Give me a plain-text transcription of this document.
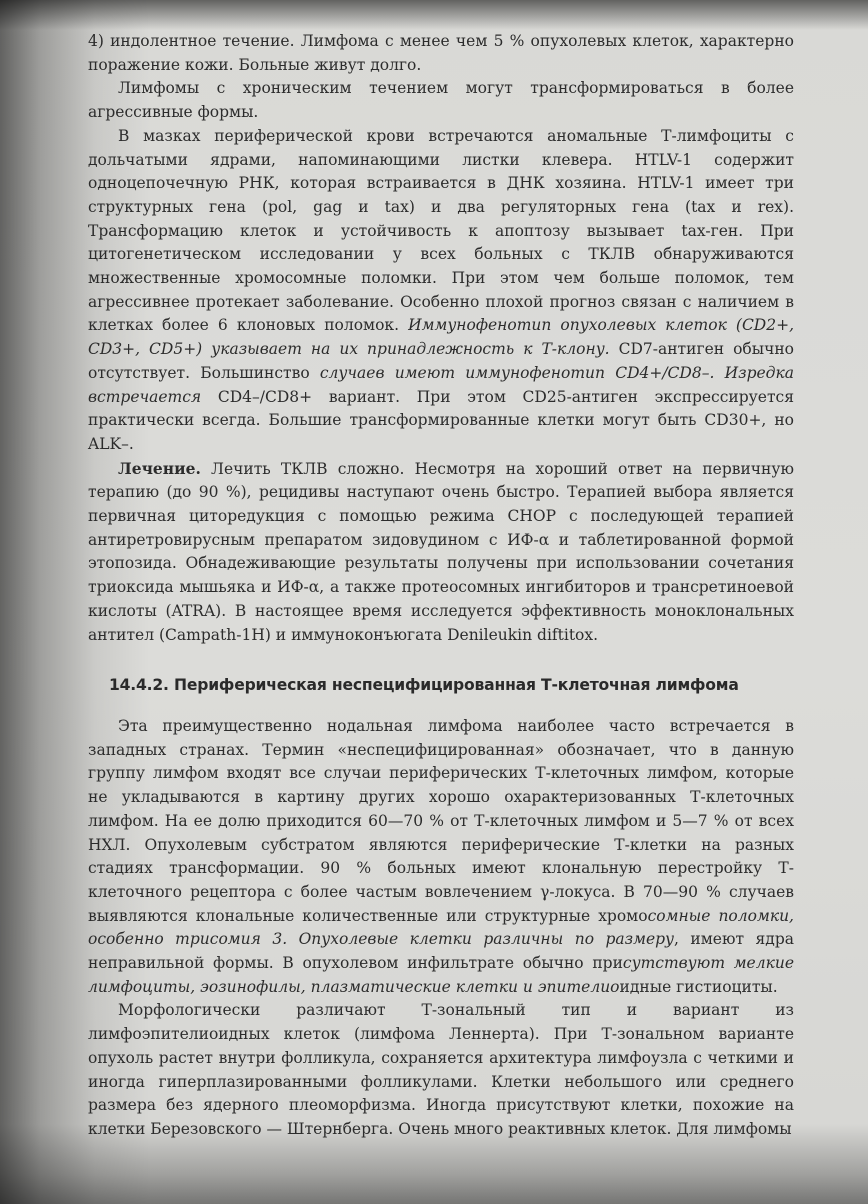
4) индолентное течение. Лимфома с менее чем 5 % опухолевых клеток, характерно поражение кожи. Больные живут долго.

Лимфомы с хроническим течением могут трансформироваться в более агрессивные формы.

В мазках периферической крови встречаются аномальные Т-лимфоциты с дольчатыми ядрами, напоминающими листки клевера. HTLV-1 содержит одноцепочечную РНК, которая встраивается в ДНК хозяина. HTLV-1 имеет три структурных гена (pol, gag и tax) и два регуляторных гена (tax и rex). Трансформацию клеток и устойчивость к апоптозу вызывает tax-ген. При цитогенетическом исследовании у всех больных с ТКЛВ обнаруживаются множественные хромосомные поломки. При этом чем больше поломок, тем агрессивнее протекает заболевание. Особенно плохой прогноз связан с наличием в клетках более 6 клоновых поломок. Иммунофенотип опухолевых клеток (CD2+, CD3+, CD5+) указывает на их принадлежность к Т-клону. CD7-антиген обычно отсутствует. Большинство случаев имеют иммунофенотип CD4+/CD8–. Изредка встречается CD4–/CD8+ вариант. При этом CD25-антиген экспрессируется практически всегда. Большие трансформированные клетки могут быть CD30+, но ALK–.

Лечение. Лечить ТКЛВ сложно. Несмотря на хороший ответ на первичную терапию (до 90 %), рецидивы наступают очень быстро. Терапией выбора является первичная циторедукция с помощью режима CHOP с последующей терапией антиретровирусным препаратом зидовудином с ИФ-α и таблетированной формой этопозида. Обнадеживающие результаты получены при использовании сочетания триоксида мышьяка и ИФ-α, а также протеосомных ингибиторов и трансретиноевой кислоты (ATRA). В настоящее время исследуется эффективность моноклональных антител (Campath-1H) и иммуноконъюгата Denileukin diftitox.

14.4.2. Периферическая неспецифицированная Т-клеточная лимфома

Эта преимущественно нодальная лимфома наиболее часто встречается в западных странах. Термин «неспецифицированная» обозначает, что в данную группу лимфом входят все случаи периферических Т-клеточных лимфом, которые не укладываются в картину других хорошо охарактеризованных Т-клеточных лимфом. На ее долю приходится 60—70 % от Т-клеточных лимфом и 5—7 % от всех НХЛ. Опухолевым субстратом являются периферические Т-клетки на разных стадиях трансформации. 90 % больных имеют клональную перестройку Т-клеточного рецептора с более частым вовлечением γ-локуса. В 70—90 % случаев выявляются клональные количественные или структурные хромосомные поломки, особенно трисомия 3. Опухолевые клетки различны по размеру, имеют ядра неправильной формы. В опухолевом инфильтрате обычно присутствуют мелкие лимфоциты, эозинофилы, плазматические клетки и эпителиоидные гистиоциты.

Морфологически различают Т-зональный тип и вариант из лимфоэпителиоидных клеток (лимфома Леннерта). При Т-зональном варианте опухоль растет внутри фолликула, сохраняется архитектура лимфоузла с четкими и иногда гиперплазированными фолликулами. Клетки небольшого или среднего размера без ядерного плеоморфизма. Иногда присутствуют клетки, похожие на клетки Березовского — Штернберга. Очень много реактивных клеток. Для лимфомы
